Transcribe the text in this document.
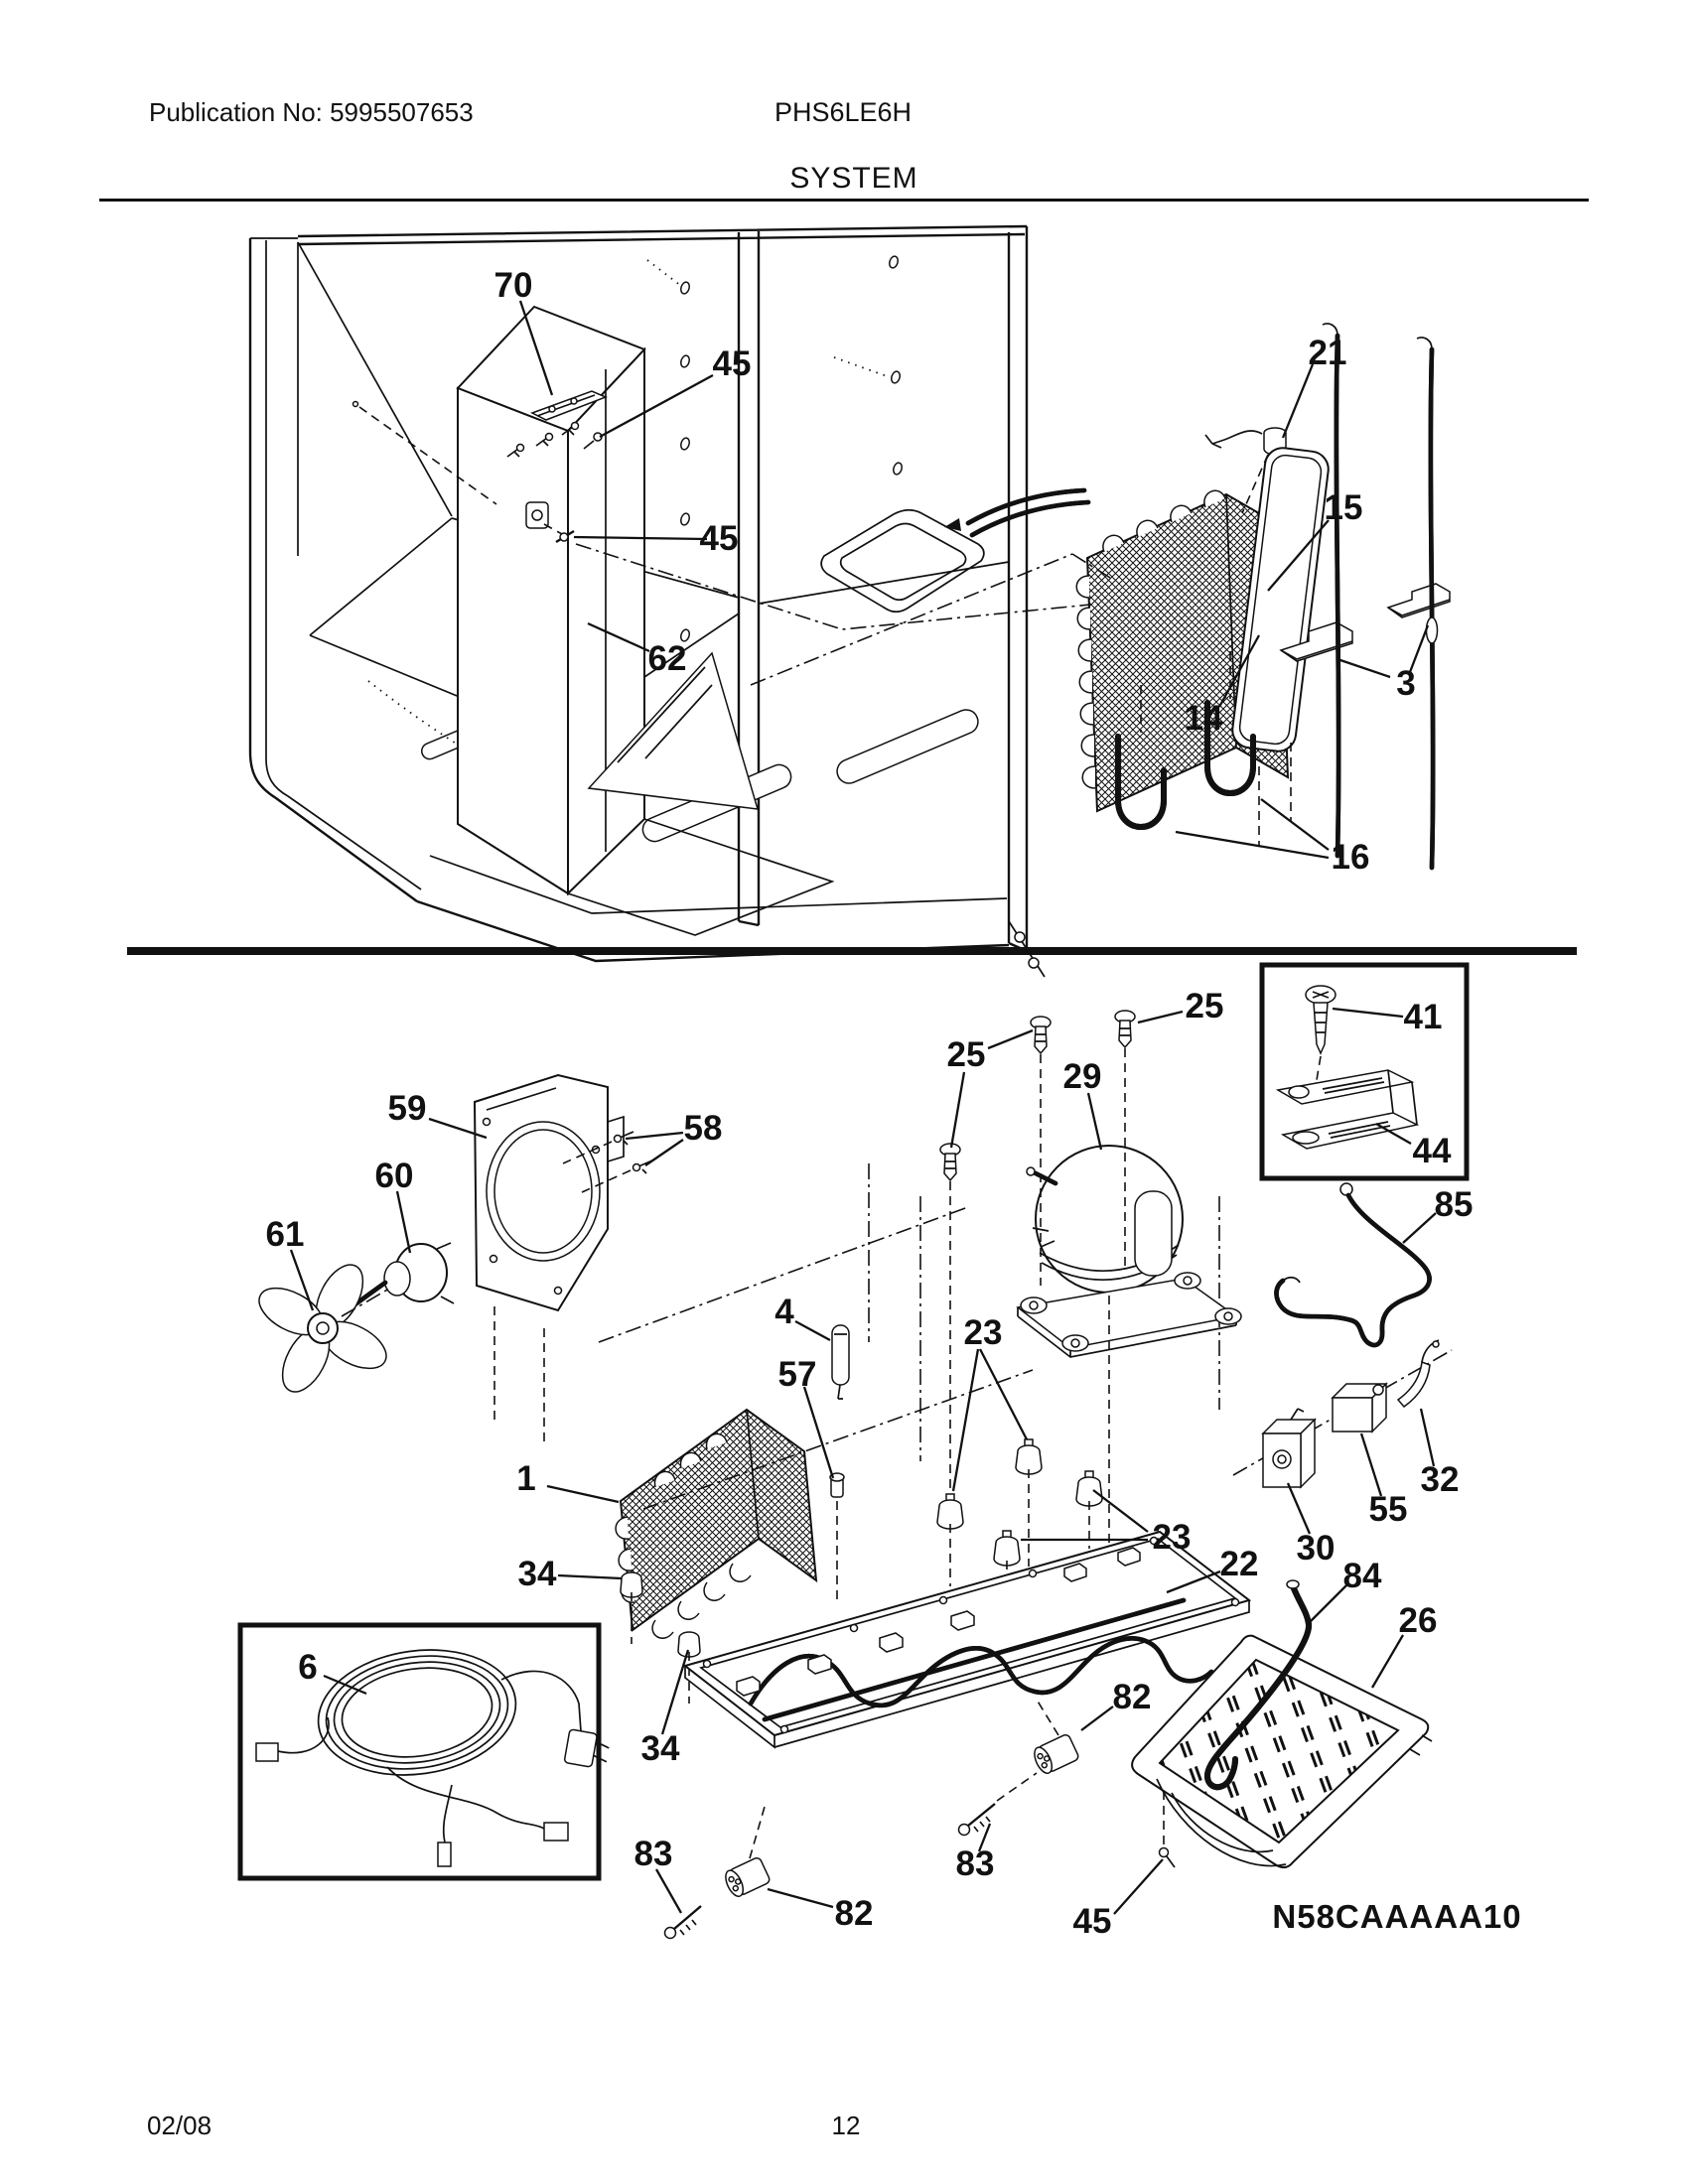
Publication No: 5995507653	PHS6LE6H
SYSTEM
70
45
45
62
21
15
3
14
16
59
58
60
61
25
25
29
41
44
85
4
57
23
23
1
34
34
30
55
32
22 84
26
82
82
83	83
6
45	N58CAAAAA10
02/08	12
